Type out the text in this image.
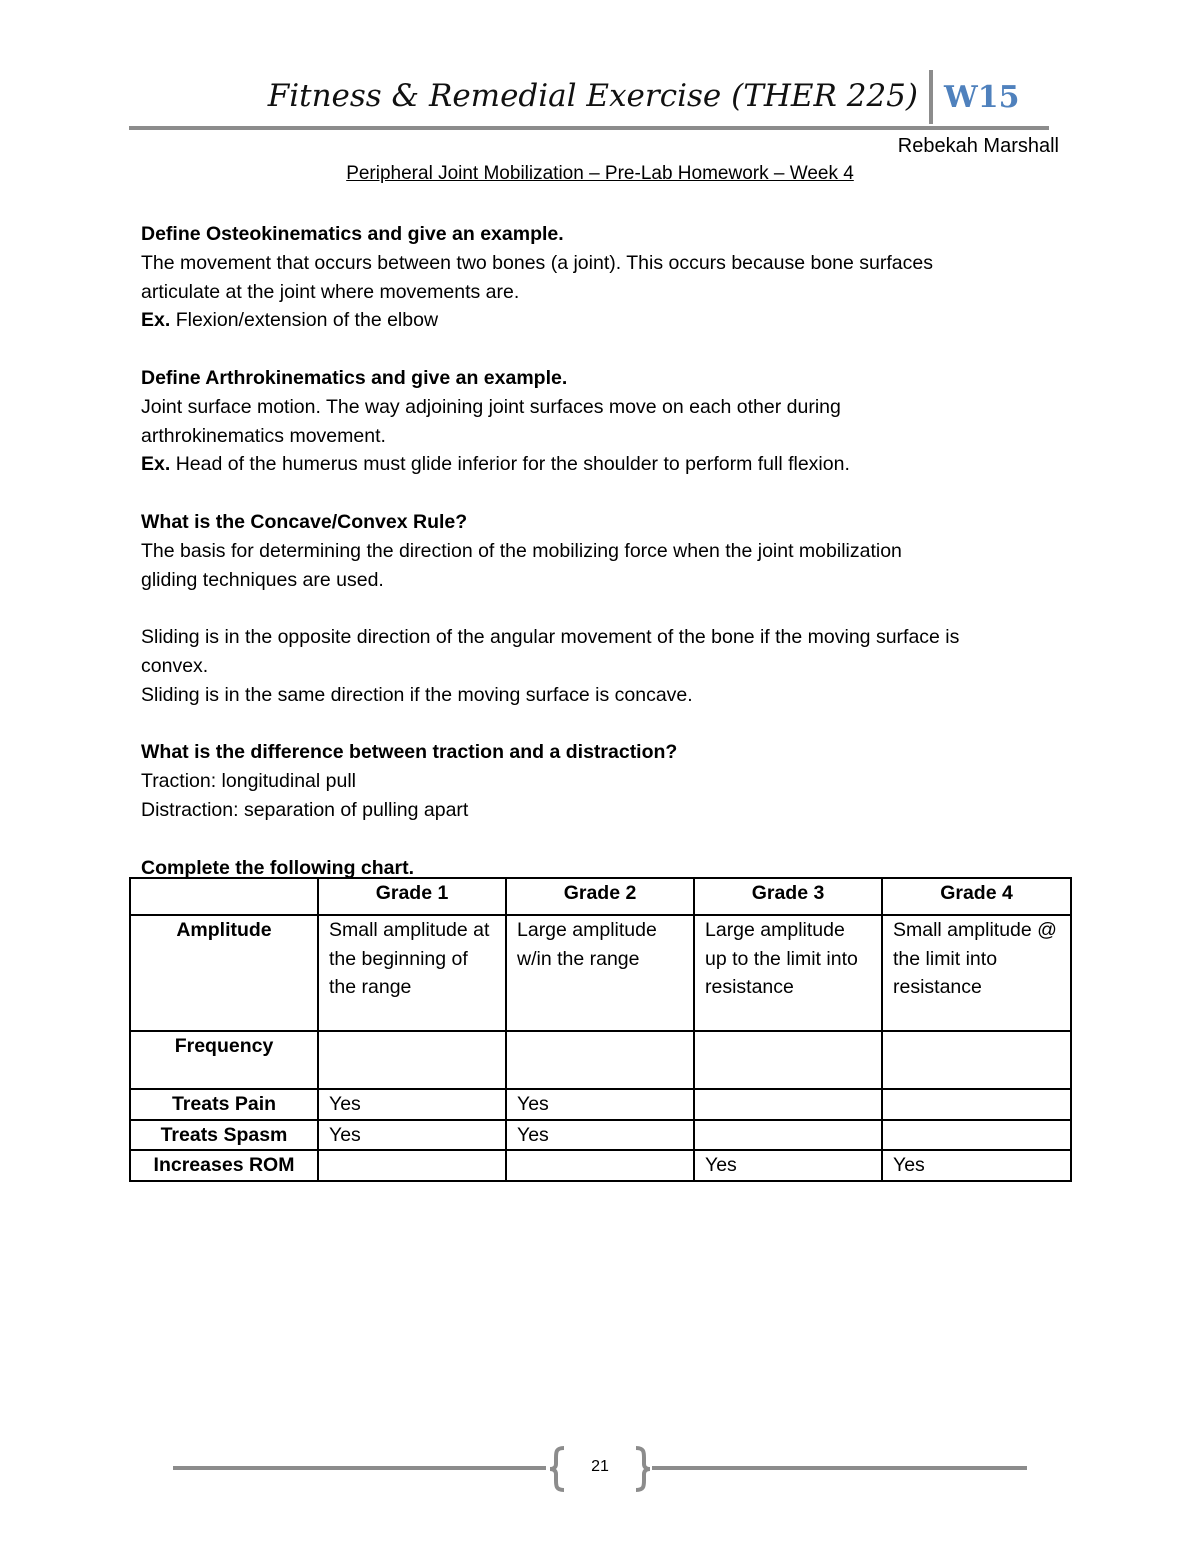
Fitness & Remedial Exercise (THER 225) W15
Rebekah Marshall
Peripheral Joint Mobilization – Pre-Lab Homework – Week 4

Define Osteokinematics and give an example.

The movement that occurs between two bones (a joint). This occurs because bone surfaces

articulate at the joint where movements are.

Ex. Flexion/extension of the elbow

Define Arthrokinematics and give an example.

Joint surface motion. The way adjoining joint surfaces move on each other during

arthrokinematics movement.

Ex. Head of the humerus must glide inferior for the shoulder to perform full flexion.

What is the Concave/Convex Rule?

The basis for determining the direction of the mobilizing force when the joint mobilization

gliding techniques are used.

Sliding is in the opposite direction of the angular movement of the bone if the moving surface is

convex.

Sliding is in the same direction if the moving surface is concave.

What is the difference between traction and a distraction?

Traction: longitudinal pull

Distraction: separation of pulling apart

Complete the following chart.

	Grade 1	Grade 2	Grade 3	Grade 4
Amplitude	Small amplitude at the beginning of the range	Large amplitude w/in the range	Large amplitude up to the limit into resistance	Small amplitude @ the limit into resistance
Frequency				
Treats Pain	Yes	Yes		
Treats Spasm	Yes	Yes		
Increases ROM			Yes	Yes
21
